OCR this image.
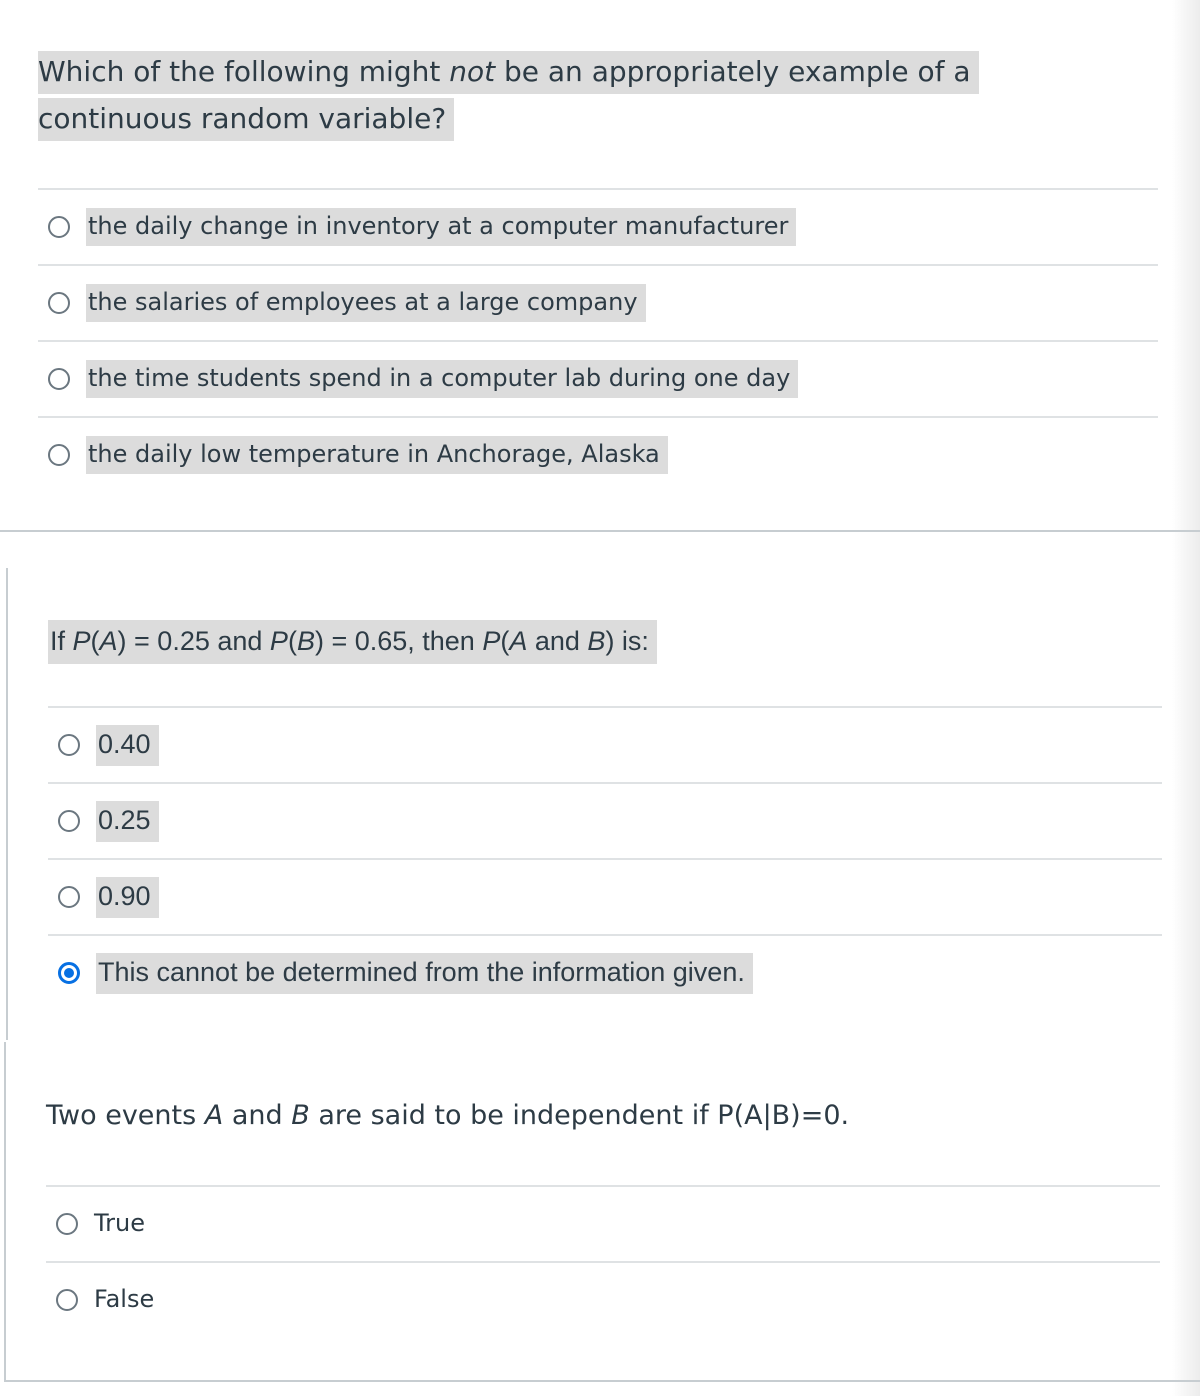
Which of the following might not be an appropriately example of a continuous random variable?

the daily change in inventory at a computer manufacturer
the salaries of employees at a large company
the time students spend in a computer lab during one day
the daily low temperature in Anchorage, Alaska

If P(A) = 0.25 and P(B) = 0.65, then P(A and B) is:

0.40
0.25
0.90
This cannot be determined from the information given.

Two events A and B are said to be independent if P(A|B)=0.

True
False
